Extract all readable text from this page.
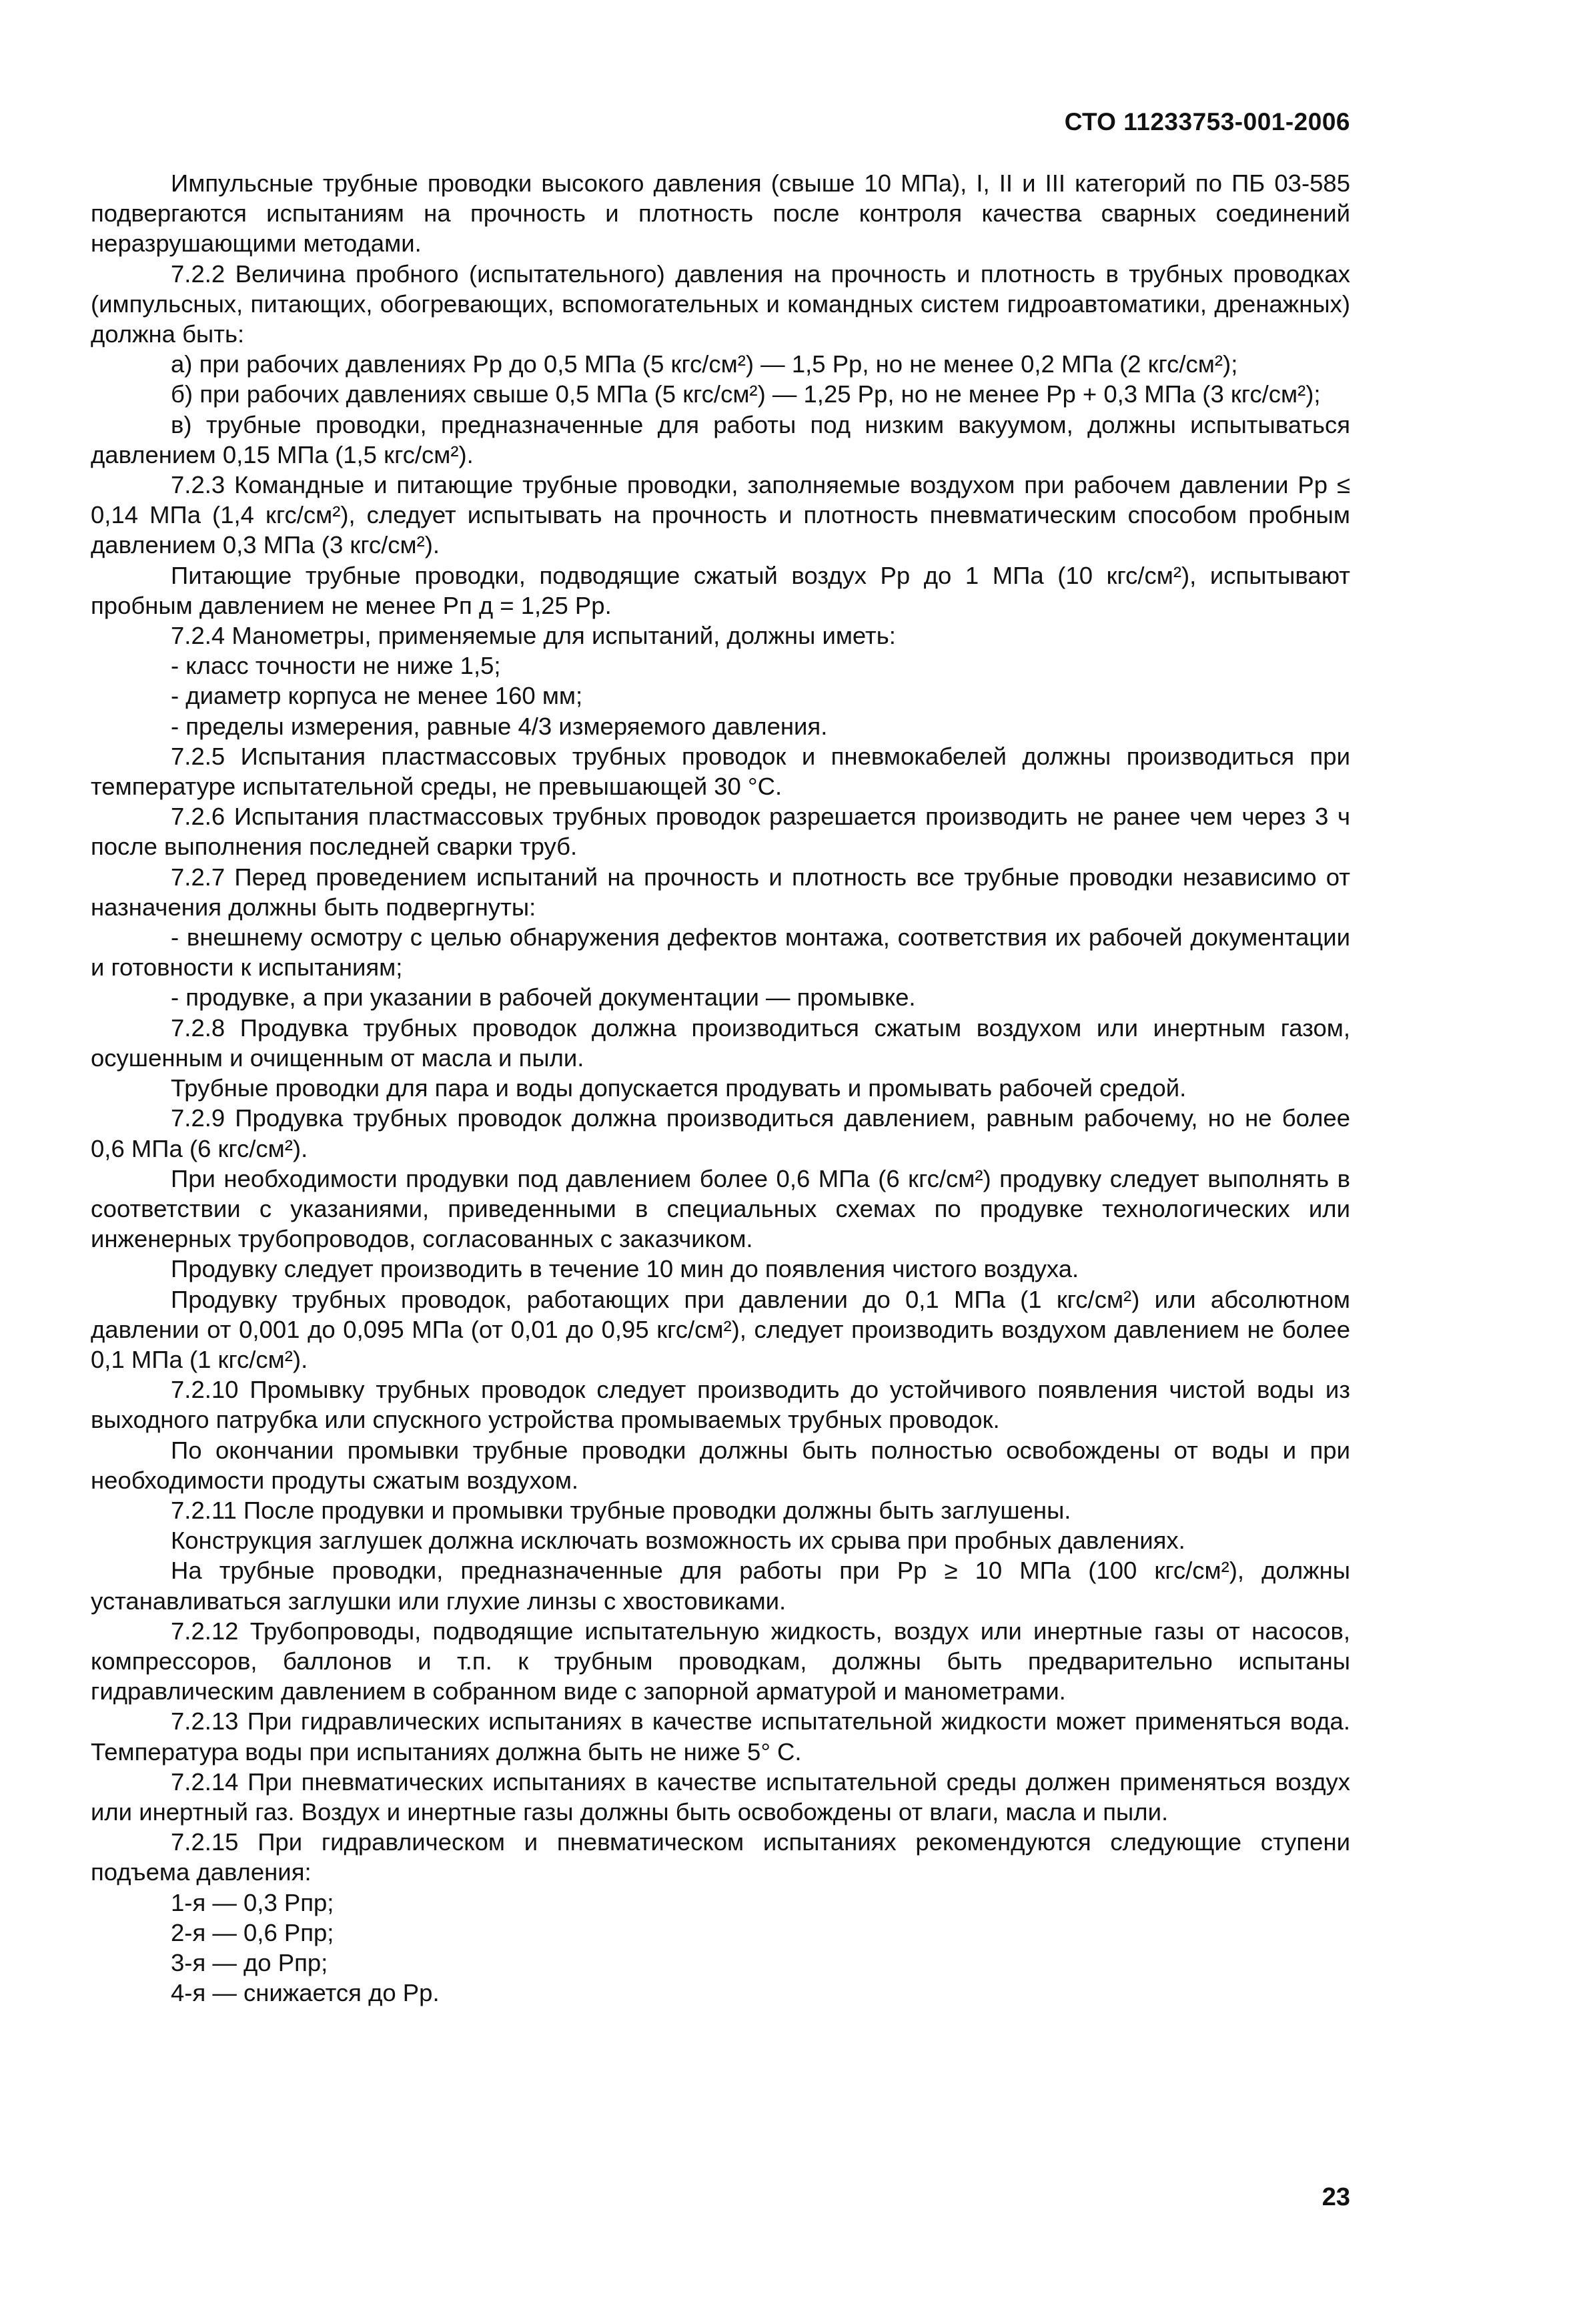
СТО 11233753-001-2006

Импульсные трубные проводки высокого давления (свыше 10 МПа), I, II и III категорий по ПБ 03-585 подвергаются испытаниям на прочность и плотность после контроля качества сварных соединений неразрушающими методами.

7.2.2 Величина пробного (испытательного) давления на прочность и плотность в трубных проводках (импульсных, питающих, обогревающих, вспомогательных и командных систем гидроавтоматики, дренажных) должна быть:

а) при рабочих давлениях Pр до 0,5 МПа (5 кгс/см²) — 1,5 Pр, но не менее 0,2 МПа (2 кгс/см²);

б) при рабочих давлениях свыше 0,5 МПа (5 кгс/см²) — 1,25 Pр, но не менее Pр + 0,3 МПа (3 кгс/см²);

в) трубные проводки, предназначенные для работы под низким вакуумом, должны испытываться давлением 0,15 МПа (1,5 кгс/см²).

7.2.3 Командные и питающие трубные проводки, заполняемые воздухом при рабочем давлении Pр ≤ 0,14 МПа (1,4 кгс/см²), следует испытывать на прочность и плотность пневматическим способом пробным давлением 0,3 МПа (3 кгс/см²).

Питающие трубные проводки, подводящие сжатый воздух Pр до 1 МПа (10 кгс/см²), испытывают пробным давлением не менее Pп д = 1,25 Pр.

7.2.4 Манометры, применяемые для испытаний, должны иметь:

- класс точности не ниже 1,5;

- диаметр корпуса не менее 160 мм;

- пределы измерения, равные 4/3 измеряемого давления.

7.2.5 Испытания пластмассовых трубных проводок и пневмокабелей должны производиться при температуре испытательной среды, не превышающей 30 °С.

7.2.6 Испытания пластмассовых трубных проводок разрешается производить не ранее чем через 3 ч после выполнения последней сварки труб.

7.2.7 Перед проведением испытаний на прочность и плотность все трубные проводки независимо от назначения должны быть подвергнуты:

- внешнему осмотру с целью обнаружения дефектов монтажа, соответствия их рабочей документации и готовности к испытаниям;

- продувке, а при указании в рабочей документации — промывке.

7.2.8 Продувка трубных проводок должна производиться сжатым воздухом или инертным газом, осушенным и очищенным от масла и пыли.

Трубные проводки для пара и воды допускается продувать и промывать рабочей средой.

7.2.9 Продувка трубных проводок должна производиться давлением, равным рабочему, но не более 0,6 МПа (6 кгс/см²).

При необходимости продувки под давлением более 0,6 МПа (6 кгс/см²) продувку следует выполнять в соответствии с указаниями, приведенными в специальных схемах по продувке технологических или инженерных трубопроводов, согласованных с заказчиком.

Продувку следует производить в течение 10 мин до появления чистого воздуха.

Продувку трубных проводок, работающих при давлении до 0,1 МПа (1 кгс/см²) или абсолютном давлении от 0,001 до 0,095 МПа (от 0,01 до 0,95 кгс/см²), следует производить воздухом давлением не более 0,1 МПа (1 кгс/см²).

7.2.10 Промывку трубных проводок следует производить до устойчивого появления чистой воды из выходного патрубка или спускного устройства промываемых трубных проводок.

По окончании промывки трубные проводки должны быть полностью освобождены от воды и при необходимости продуты сжатым воздухом.

7.2.11 После продувки и промывки трубные проводки должны быть заглушены.

Конструкция заглушек должна исключать возможность их срыва при пробных давлениях.

На трубные проводки, предназначенные для работы при Pр ≥ 10 МПа (100 кгс/см²), должны устанавливаться заглушки или глухие линзы с хвостовиками.

7.2.12 Трубопроводы, подводящие испытательную жидкость, воздух или инертные газы от насосов, компрессоров, баллонов и т.п. к трубным проводкам, должны быть предварительно испытаны гидравлическим давлением в собранном виде с запорной арматурой и манометрами.

7.2.13 При гидравлических испытаниях в качестве испытательной жидкости может применяться вода. Температура воды при испытаниях должна быть не ниже 5° С.

7.2.14 При пневматических испытаниях в качестве испытательной среды должен применяться воздух или инертный газ. Воздух и инертные газы должны быть освобождены от влаги, масла и пыли.

7.2.15 При гидравлическом и пневматическом испытаниях рекомендуются следующие ступени подъема давления:

1-я — 0,3 Pпр;

2-я — 0,6 Pпр;

3-я — до Pпр;

4-я — снижается до Pр.

23
